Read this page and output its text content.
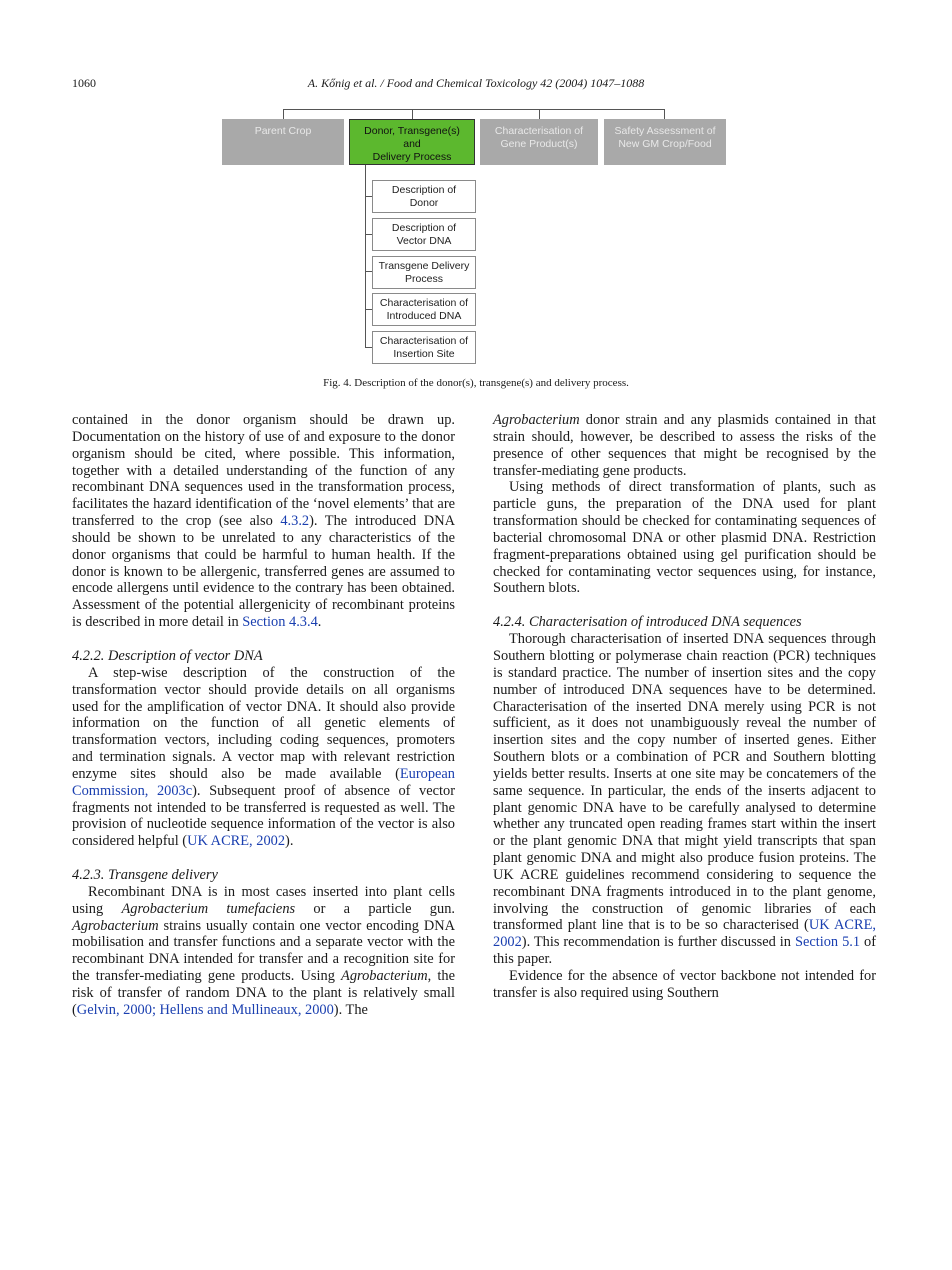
1060	A. Kőnig et al. / Food and Chemical Toxicology 42 (2004) 1047–1088
Parent Crop	Donor, Transgene(s)
and
Delivery Process
Characterisation of
Gene Product(s)
Safety Assessment of
New GM Crop/Food
Description of
Donor
Description of
Vector DNA
Transgene Delivery
Process
Characterisation of
Introduced DNA
Characterisation of
Insertion Site
Fig. 4. Description of the donor(s), transgene(s) and delivery process.

contained in the donor organism should be drawn up. Documentation on the history of use of and exposure to the donor organism should be cited, where possible. This information, together with a detailed understanding of the function of any recombinant DNA sequences used in the transformation process, facilitates the hazard identification of the ‘novel elements’ that are transferred to the crop (see also 4.3.2). The introduced DNA should be shown to be unrelated to any characteristics of the donor organisms that could be harmful to human health. If the donor is known to be allergenic, transferred genes are assumed to encode allergens until evidence to the contrary has been obtained. Assessment of the potential allergenicity of recombinant proteins is described in more detail in Section 4.3.4.

4.2.2. Description of vector DNA

A step-wise description of the construction of the transformation vector should provide details on all organisms used for the amplification of vector DNA. It should also provide information on the function of all genetic elements of transformation vectors, including coding sequences, promoters and termination signals. A vector map with relevant restriction enzyme sites should also be made available (European Commission, 2003c). Subsequent proof of absence of vector fragments not intended to be transferred is requested as well. The provision of nucleotide sequence information of the vector is also considered helpful (UK ACRE, 2002).

4.2.3. Transgene delivery

Recombinant DNA is in most cases inserted into plant cells using Agrobacterium tumefaciens or a particle gun. Agrobacterium strains usually contain one vector encoding DNA mobilisation and transfer functions and a separate vector with the recombinant DNA intended for transfer and a recognition site for the transfer-mediating gene products. Using Agrobacterium, the risk of transfer of random DNA to the plant is relatively small (Gelvin, 2000; Hellens and Mullineaux, 2000). The

Agrobacterium donor strain and any plasmids contained in that strain should, however, be described to assess the risks of the presence of other sequences that might be recognised by the transfer-mediating gene products.

Using methods of direct transformation of plants, such as particle guns, the preparation of the DNA used for plant transformation should be checked for contaminating sequences of bacterial chromosomal DNA or other plasmid DNA. Restriction fragment-preparations obtained using gel purification should be checked for contaminating vector sequences using, for instance, Southern blots.

4.2.4. Characterisation of introduced DNA sequences

Thorough characterisation of inserted DNA sequences through Southern blotting or polymerase chain reaction (PCR) techniques is standard practice. The number of insertion sites and the copy number of introduced DNA sequences have to be determined. Characterisation of the inserted DNA merely using PCR is not sufficient, as it does not unambiguously reveal the number of insertion sites and the copy number of inserted genes. Either Southern blots or a combination of PCR and Southern blotting yields better results. Inserts at one site may be concatemers of the same sequence. In particular, the ends of the inserts adjacent to plant genomic DNA have to be carefully analysed to determine whether any truncated open reading frames start within the insert or the plant genomic DNA that might yield transcripts that span plant genomic DNA and might also produce fusion proteins. The UK ACRE guidelines recommend considering to sequence the recombinant DNA fragments introduced in to the plant genome, involving the construction of genomic libraries of each transformed plant line that is to be so characterised (UK ACRE, 2002). This recommendation is further discussed in Section 5.1 of this paper.

Evidence for the absence of vector backbone not intended for transfer is also required using Southern
